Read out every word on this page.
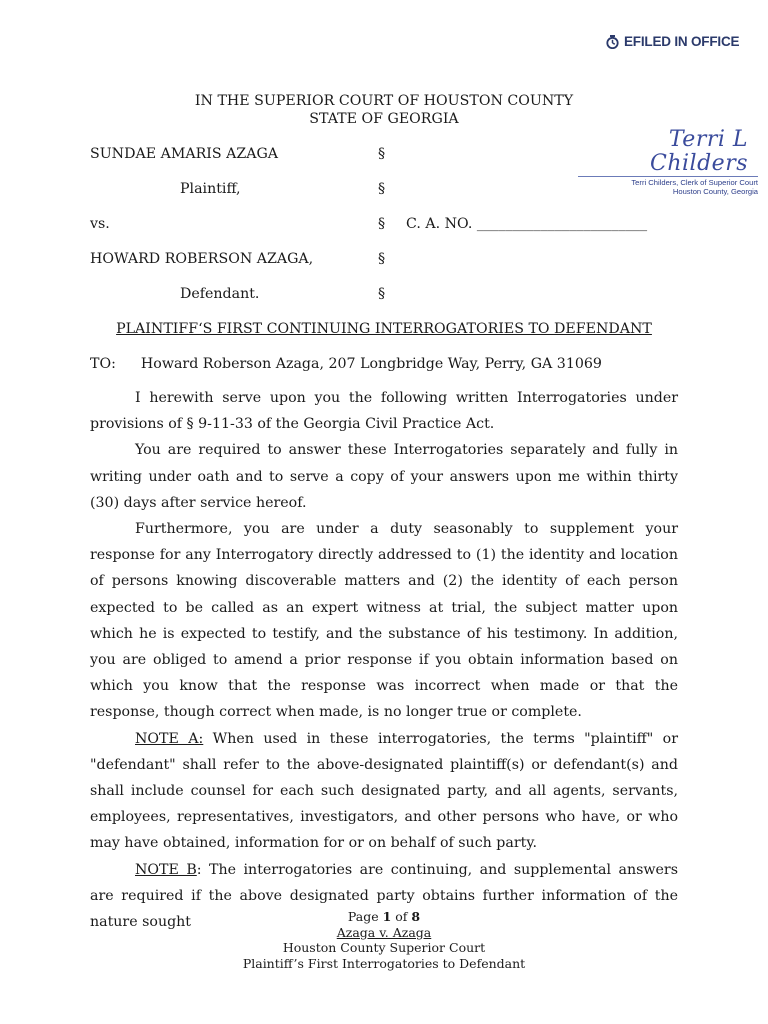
EFILED IN OFFICE
Terri L Childers
Terri Childers, Clerk of Superior Court
Houston County, Georgia
IN THE SUPERIOR COURT OF HOUSTON COUNTY
STATE OF GEORGIA
SUNDAE AMARIS AZAGA	§
Plaintiff,	§
vs.	§ C. A. NO. ________________________
HOWARD ROBERSON AZAGA,	§
Defendant.	§
PLAINTIFF‘S FIRST CONTINUING INTERROGATORIES TO DEFENDANT
TO: Howard Roberson Azaga, 207 Longbridge Way, Perry, GA 31069

I herewith serve upon you the following written Interrogatories under provisions of § 9-11-33 of the Georgia Civil Practice Act.

You are required to answer these Interrogatories separately and fully in writing under oath and to serve a copy of your answers upon me within thirty (30) days after service hereof.

Furthermore, you are under a duty seasonably to supplement your response for any Interrogatory directly addressed to (1) the identity and location of persons knowing discoverable matters and (2) the identity of each person expected to be called as an expert witness at trial, the subject matter upon which he is expected to testify, and the substance of his testimony. In addition, you are obliged to amend a prior response if you obtain information based on which you know that the response was incorrect when made or that the response, though correct when made, is no longer true or complete.

NOTE A: When used in these interrogatories, the terms "plaintiff" or "defendant" shall refer to the above-designated plaintiff(s) or defendant(s) and shall include counsel for each such designated party, and all agents, servants, employees, representatives, investigators, and other persons who have, or who may have obtained, information for or on behalf of such party.

NOTE B: The interrogatories are continuing, and supplemental answers are required if the above designated party obtains further information of the nature sought	Page 1 of 8
Azaga v. Azaga
Houston County Superior Court
Plaintiff’s First Interrogatories to Defendant
